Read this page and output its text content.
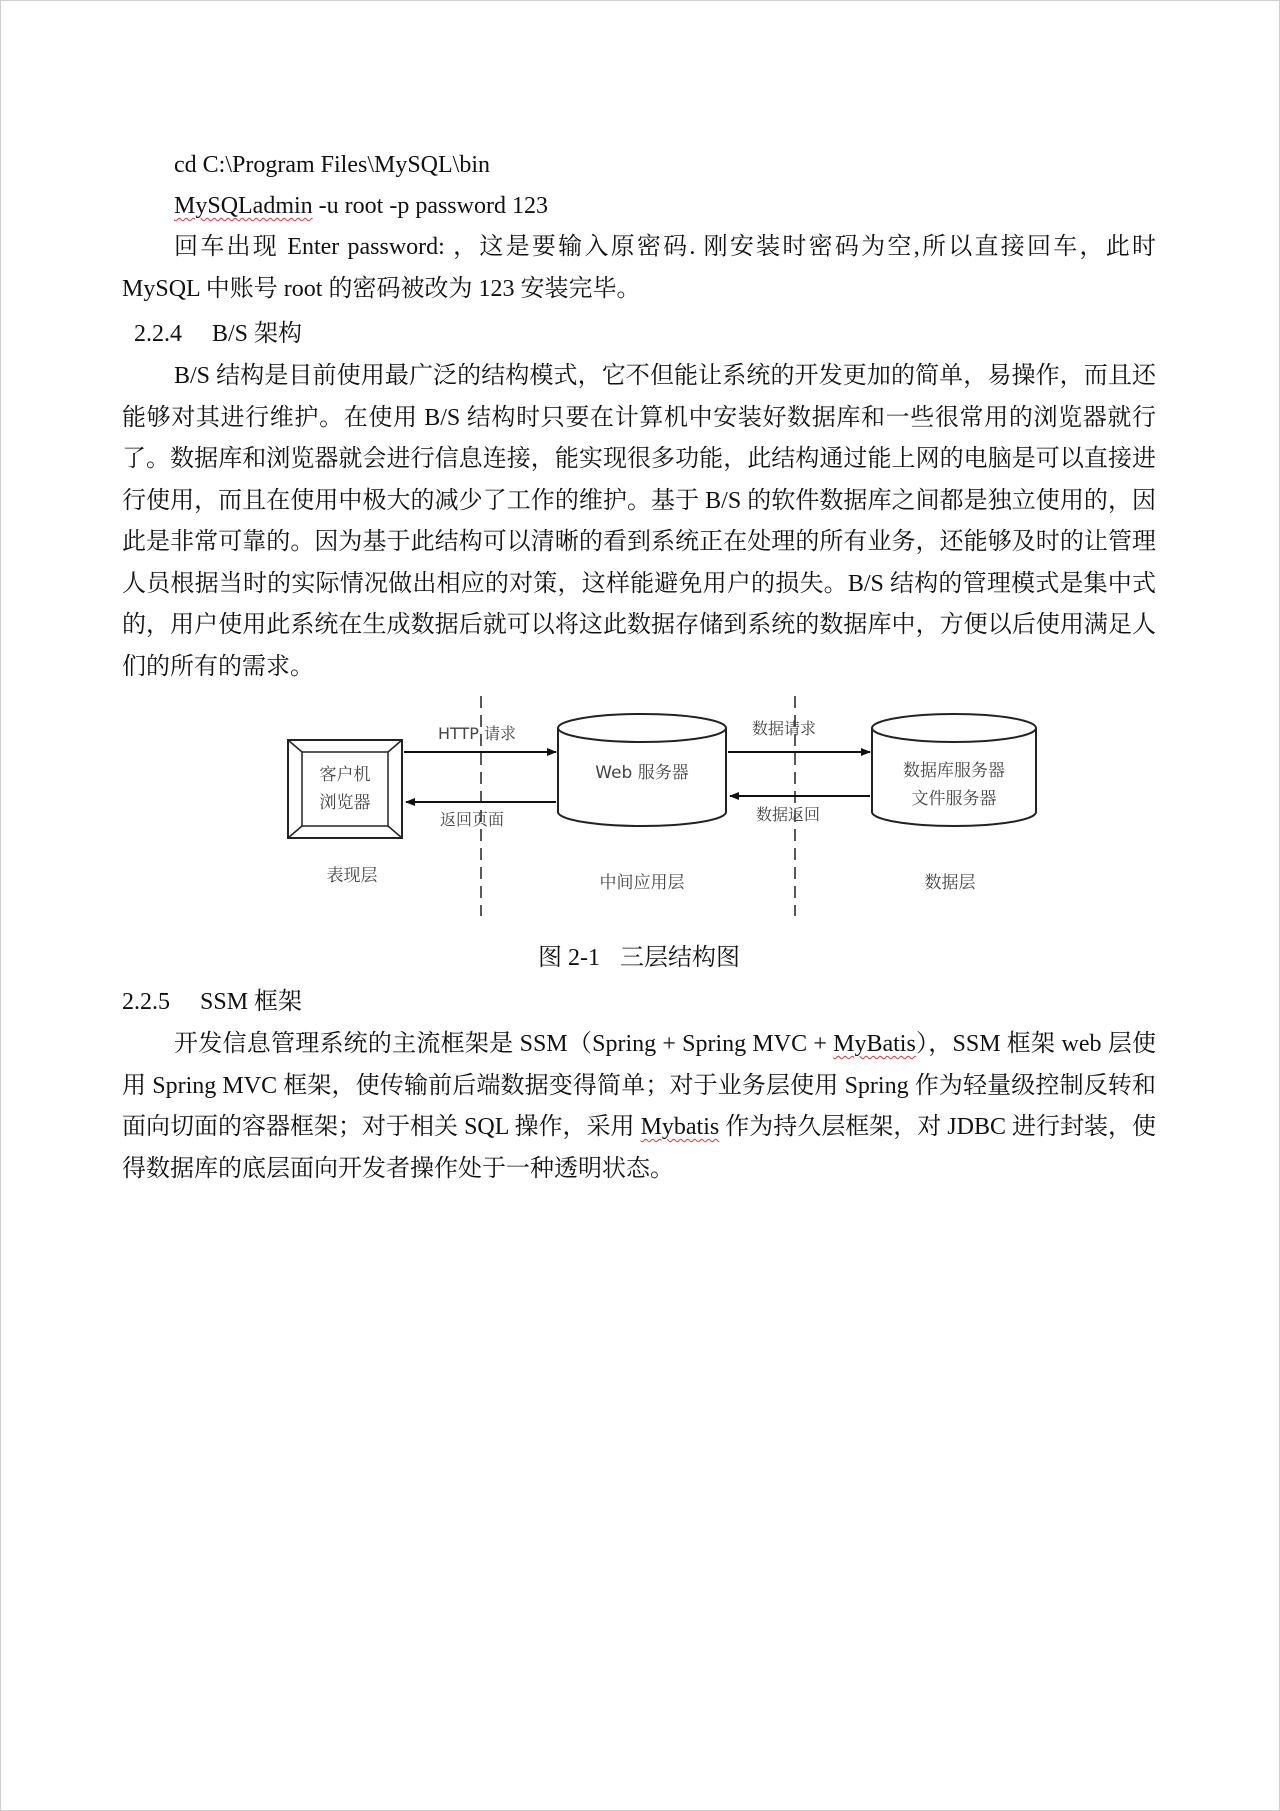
cd C:\Program Files\MySQL\bin
MySQLadmin -u root -p password 123

回车出现 Enter password: ，这是要输入原密码. 刚安装时密码为空,所以直接回车，此时MySQL 中账号 root 的密码被改为 123 安装完毕。

2.2.4 B/S 架构

B/S 结构是目前使用最广泛的结构模式，它不但能让系统的开发更加的简单，易操作，而且还能够对其进行维护。在使用 B/S 结构时只要在计算机中安装好数据库和一些很常用的浏览器就行了。数据库和浏览器就会进行信息连接，能实现很多功能，此结构通过能上网的电脑是可以直接进行使用，而且在使用中极大的减少了工作的维护。基于 B/S 的软件数据库之间都是独立使用的，因此是非常可靠的。因为基于此结构可以清晰的看到系统正在处理的所有业务，还能够及时的让管理人员根据当时的实际情况做出相应的对策，这样能避免用户的损失。B/S 结构的管理模式是集中式的，用户使用此系统在生成数据后就可以将这此数据存储到系统的数据库中，方便以后使用满足人们的所有的需求。

客户机
浏览器
Web 服务器	数据库服务器
文件服务器
HTTP 请求
返回页面
数据请求
数据返回
表现层	中间应用层	数据层
图 2-1 三层结构图
2.2.5 SSM 框架

开发信息管理系统的主流框架是 SSM（Spring + Spring MVC + MyBatis），SSM 框架 web 层使用 Spring MVC 框架，使传输前后端数据变得简单；对于业务层使用 Spring 作为轻量级控制反转和面向切面的容器框架；对于相关 SQL 操作，采用 Mybatis 作为持久层框架，对 JDBC 进行封装，使得数据库的底层面向开发者操作处于一种透明状态。
